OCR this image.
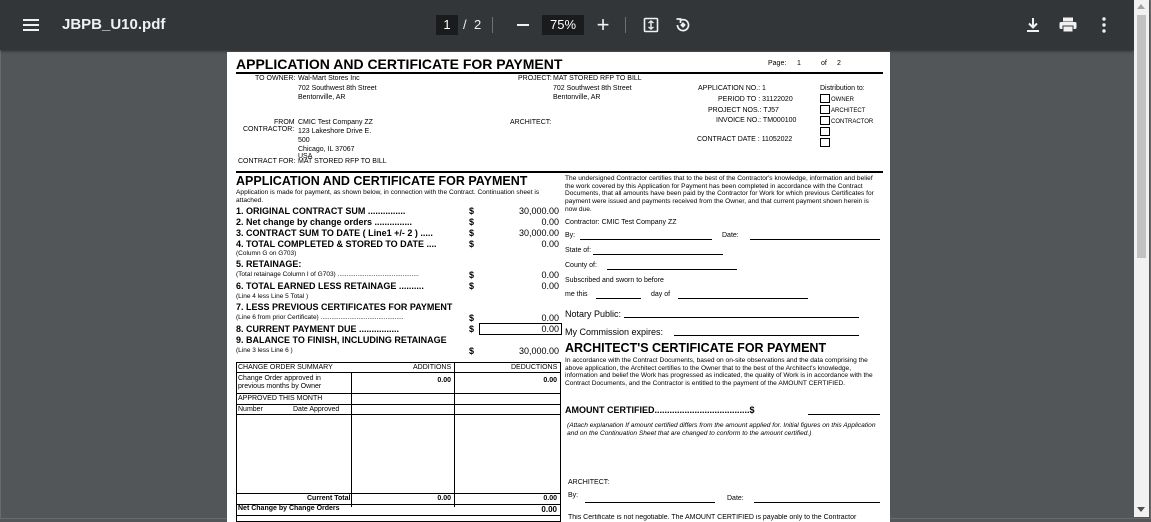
JBPB_U10.pdf	1 / 2	75% +
APPLICATION AND CERTIFICATE FOR PAYMENT	Page: 1	of 2
TO OWNER: Wal-Mart Stores Inc
702 Southwest 8th Street
Bentonville, AR
PROJECT: MAT STORED RFP TO BILL
702 Southwest 8th Street
Bentonville, AR
APPLICATION NO.: 1
PERIOD TO : 31122020
PROJECT NOS.: TJ57
INVOICE NO.: TM000100
CONTRACT DATE : 11052022
Distribution to:
OWNER
ARCHITECT
CONTRACTOR
FROM
CONTRACTOR:
CMIC Test Company ZZ
123 Lakeshore Drive E.
500
Chicago, IL 37067
USA
ARCHITECT:
CONTRACT FOR: MAT STORED RFP TO BILL
APPLICATION AND CERTIFICATE FOR PAYMENT
Application is made for payment, as shown below, in connection with the Contract. Continuation sheet is attached.
1. ORIGINAL CONTRACT SUM ...............	$	30,000.00
2. Net change by change orders ...............	$	0.00
3. CONTRACT SUM TO DATE ( Line1 +/- 2 ) .....	$	30,000.00
4. TOTAL COMPLETED & STORED TO DATE ....	$	0.00
(Column G on G703)
5. RETAINAGE:
(Total retainage Column I of G703) .............................................	$	0.00
6. TOTAL EARNED LESS RETAINAGE ..........	$	0.00
(Line 4 less Line 5 Total )
7. LESS PREVIOUS CERTIFICATES FOR PAYMENT
(Line 6 from prior Certificate) ..............................................	$	0.00
8. CURRENT PAYMENT DUE ................	$	0.00
9. BALANCE TO FINISH, INCLUDING RETAINAGE
(Line 3 less Line 6 )	$	30,000.00
CHANGE ORDER SUMMARY	ADDITIONS	DEDUCTIONS
Change Order approved in
previous months by Owner
0.00	0.00
APPROVED THIS MONTH
Number	Date Approved
Current Total:	0.00	0.00
Net Change by Change Orders	0.00
The undersigned Contractor certifies that to the best of the Contractor's knowledge, information and belief the work covered by this Application for Payment has been completed in accordance with the Contract Documents, that all amounts have been paid by the Contractor for Work for which previous Certificates for payment were issued and payments received from the Owner, and that current payment shown herein is now due.
Contractor: CMIC Test Company ZZ
By:	Date:
State of:
County of:
Subscribed and sworn to before
me this	day of
Notary Public:
My Commission expires:
ARCHITECT'S CERTIFICATE FOR PAYMENT
In accordance with the Contract Documents, based on on-site observations and the data comprising the above application, the Architect certifies to the Owner that to the best of the Architect's knowledge, information and belief the Work has progressed as indicated, the quality of Work is in accordance with the Contract Documents, and the Contractor is entitled to the payment of the AMOUNT CERTIFIED.
AMOUNT CERTIFIED......................................$
(Attach explanation If amount certified differs from the amount applied for. Initial figures on this Application and on the Continuation Sheet that are changed to conform to the amount certified.)
ARCHITECT:
By:	Date:
This Certificate is not negotiable. The AMOUNT CERTIFIED is payable only to the Contractor
